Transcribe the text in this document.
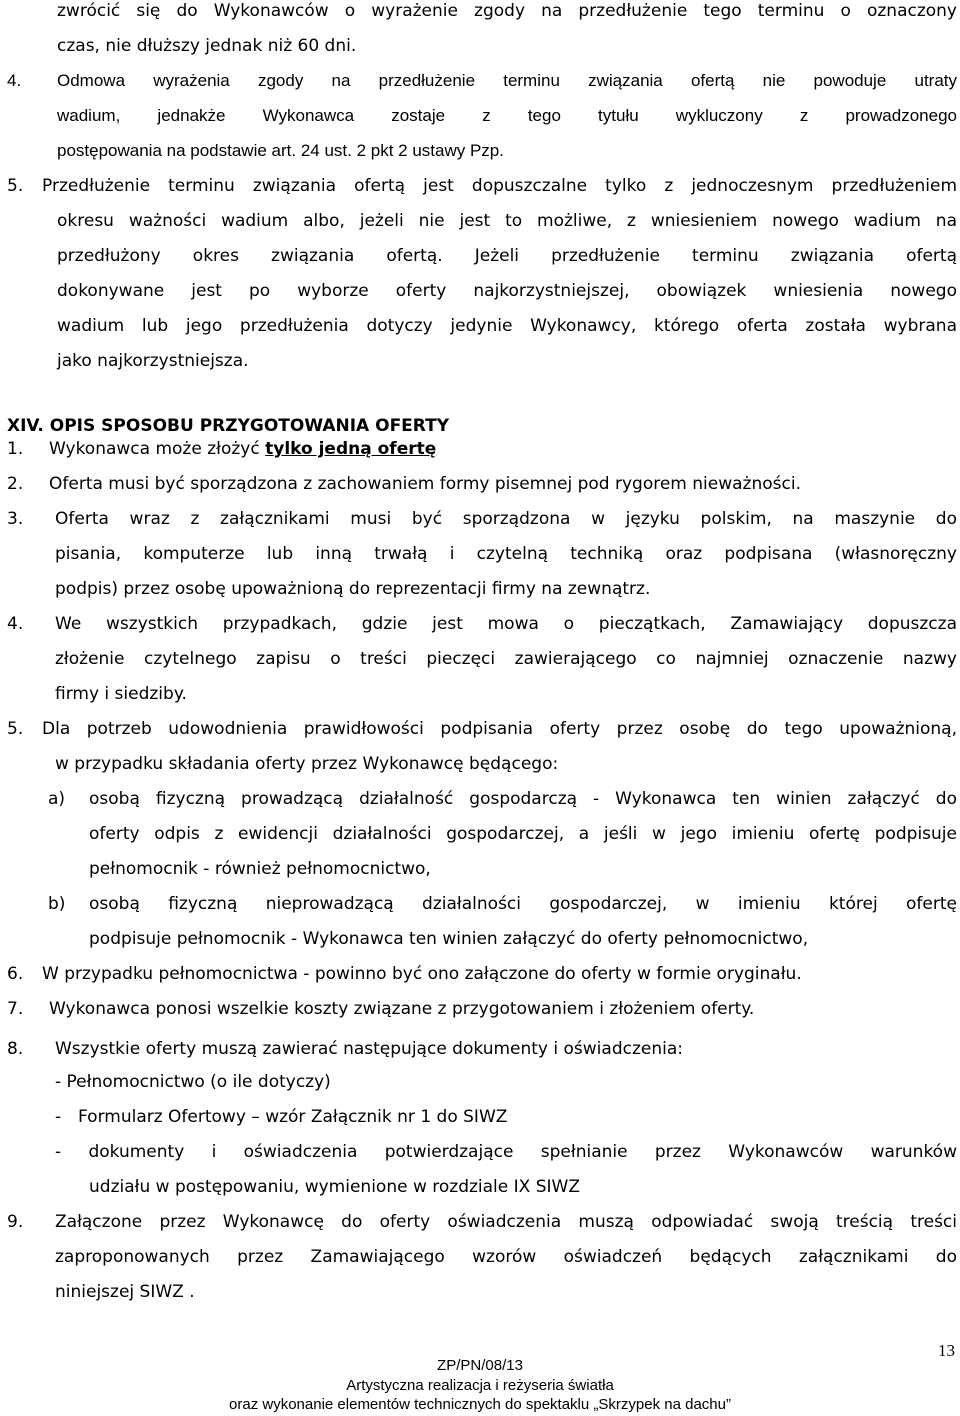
zwrócić się do Wykonawców o wyrażenie zgody na przedłużenie tego terminu o oznaczony
czas, nie dłuższy jednak niż 60 dni.
4. Odmowa wyrażenia zgody na przedłużenie terminu związania ofertą nie powoduje utraty
wadium, jednakże Wykonawca zostaje z tego tytułu wykluczony z prowadzonego
postępowania na podstawie art. 24 ust. 2 pkt 2 ustawy Pzp.
5. Przedłużenie terminu związania ofertą jest dopuszczalne tylko z jednoczesnym przedłużeniem
okresu ważności wadium albo, jeżeli nie jest to możliwe, z wniesieniem nowego wadium na
przedłużony okres związania ofertą. Jeżeli przedłużenie terminu związania ofertą
dokonywane jest po wyborze oferty najkorzystniejszej, obowiązek wniesienia nowego
wadium lub jego przedłużenia dotyczy jedynie Wykonawcy, którego oferta została wybrana
jako najkorzystniejsza.
XIV. OPIS SPOSOBU PRZYGOTOWANIA OFERTY
1. Wykonawca może złożyć tylko jedną ofertę
2. Oferta musi być sporządzona z zachowaniem formy pisemnej pod rygorem nieważności.
3. Oferta wraz z załącznikami musi być sporządzona w języku polskim, na maszynie do
pisania, komputerze lub inną trwałą i czytelną techniką oraz podpisana (własnoręczny
podpis) przez osobę upoważnioną do reprezentacji firmy na zewnątrz.
4. We wszystkich przypadkach, gdzie jest mowa o pieczątkach, Zamawiający dopuszcza
złożenie czytelnego zapisu o treści pieczęci zawierającego co najmniej oznaczenie nazwy
firmy i siedziby.
5. Dla potrzeb udowodnienia prawidłowości podpisania oferty przez osobę do tego upoważnioną,
w przypadku składania oferty przez Wykonawcę będącego:
a) osobą fizyczną prowadzącą działalność gospodarczą - Wykonawca ten winien załączyć do
oferty odpis z ewidencji działalności gospodarczej, a jeśli w jego imieniu ofertę podpisuje
pełnomocnik - również pełnomocnictwo,
b) osobą fizyczną nieprowadzącą działalności gospodarczej, w imieniu której ofertę
podpisuje pełnomocnik - Wykonawca ten winien załączyć do oferty pełnomocnictwo,
6. W przypadku pełnomocnictwa - powinno być ono załączone do oferty w formie oryginału.
7. Wykonawca ponosi wszelkie koszty związane z przygotowaniem i złożeniem oferty.
8. Wszystkie oferty muszą zawierać następujące dokumenty i oświadczenia:
- Pełnomocnictwo (o ile dotyczy)
- Formularz Ofertowy – wzór Załącznik nr 1 do SIWZ
- dokumenty i oświadczenia potwierdzające spełnianie przez Wykonawców warunków
udziału w postępowaniu, wymienione w rozdziale IX SIWZ
9. Załączone przez Wykonawcę do oferty oświadczenia muszą odpowiadać swoją treścią treści
zaproponowanych przez Zamawiającego wzorów oświadczeń będących załącznikami do
niniejszej SIWZ .
13
ZP/PN/08/13
Artystyczna realizacja i reżyseria światła
oraz wykonanie elementów technicznych do spektaklu „Skrzypek na dachu”
